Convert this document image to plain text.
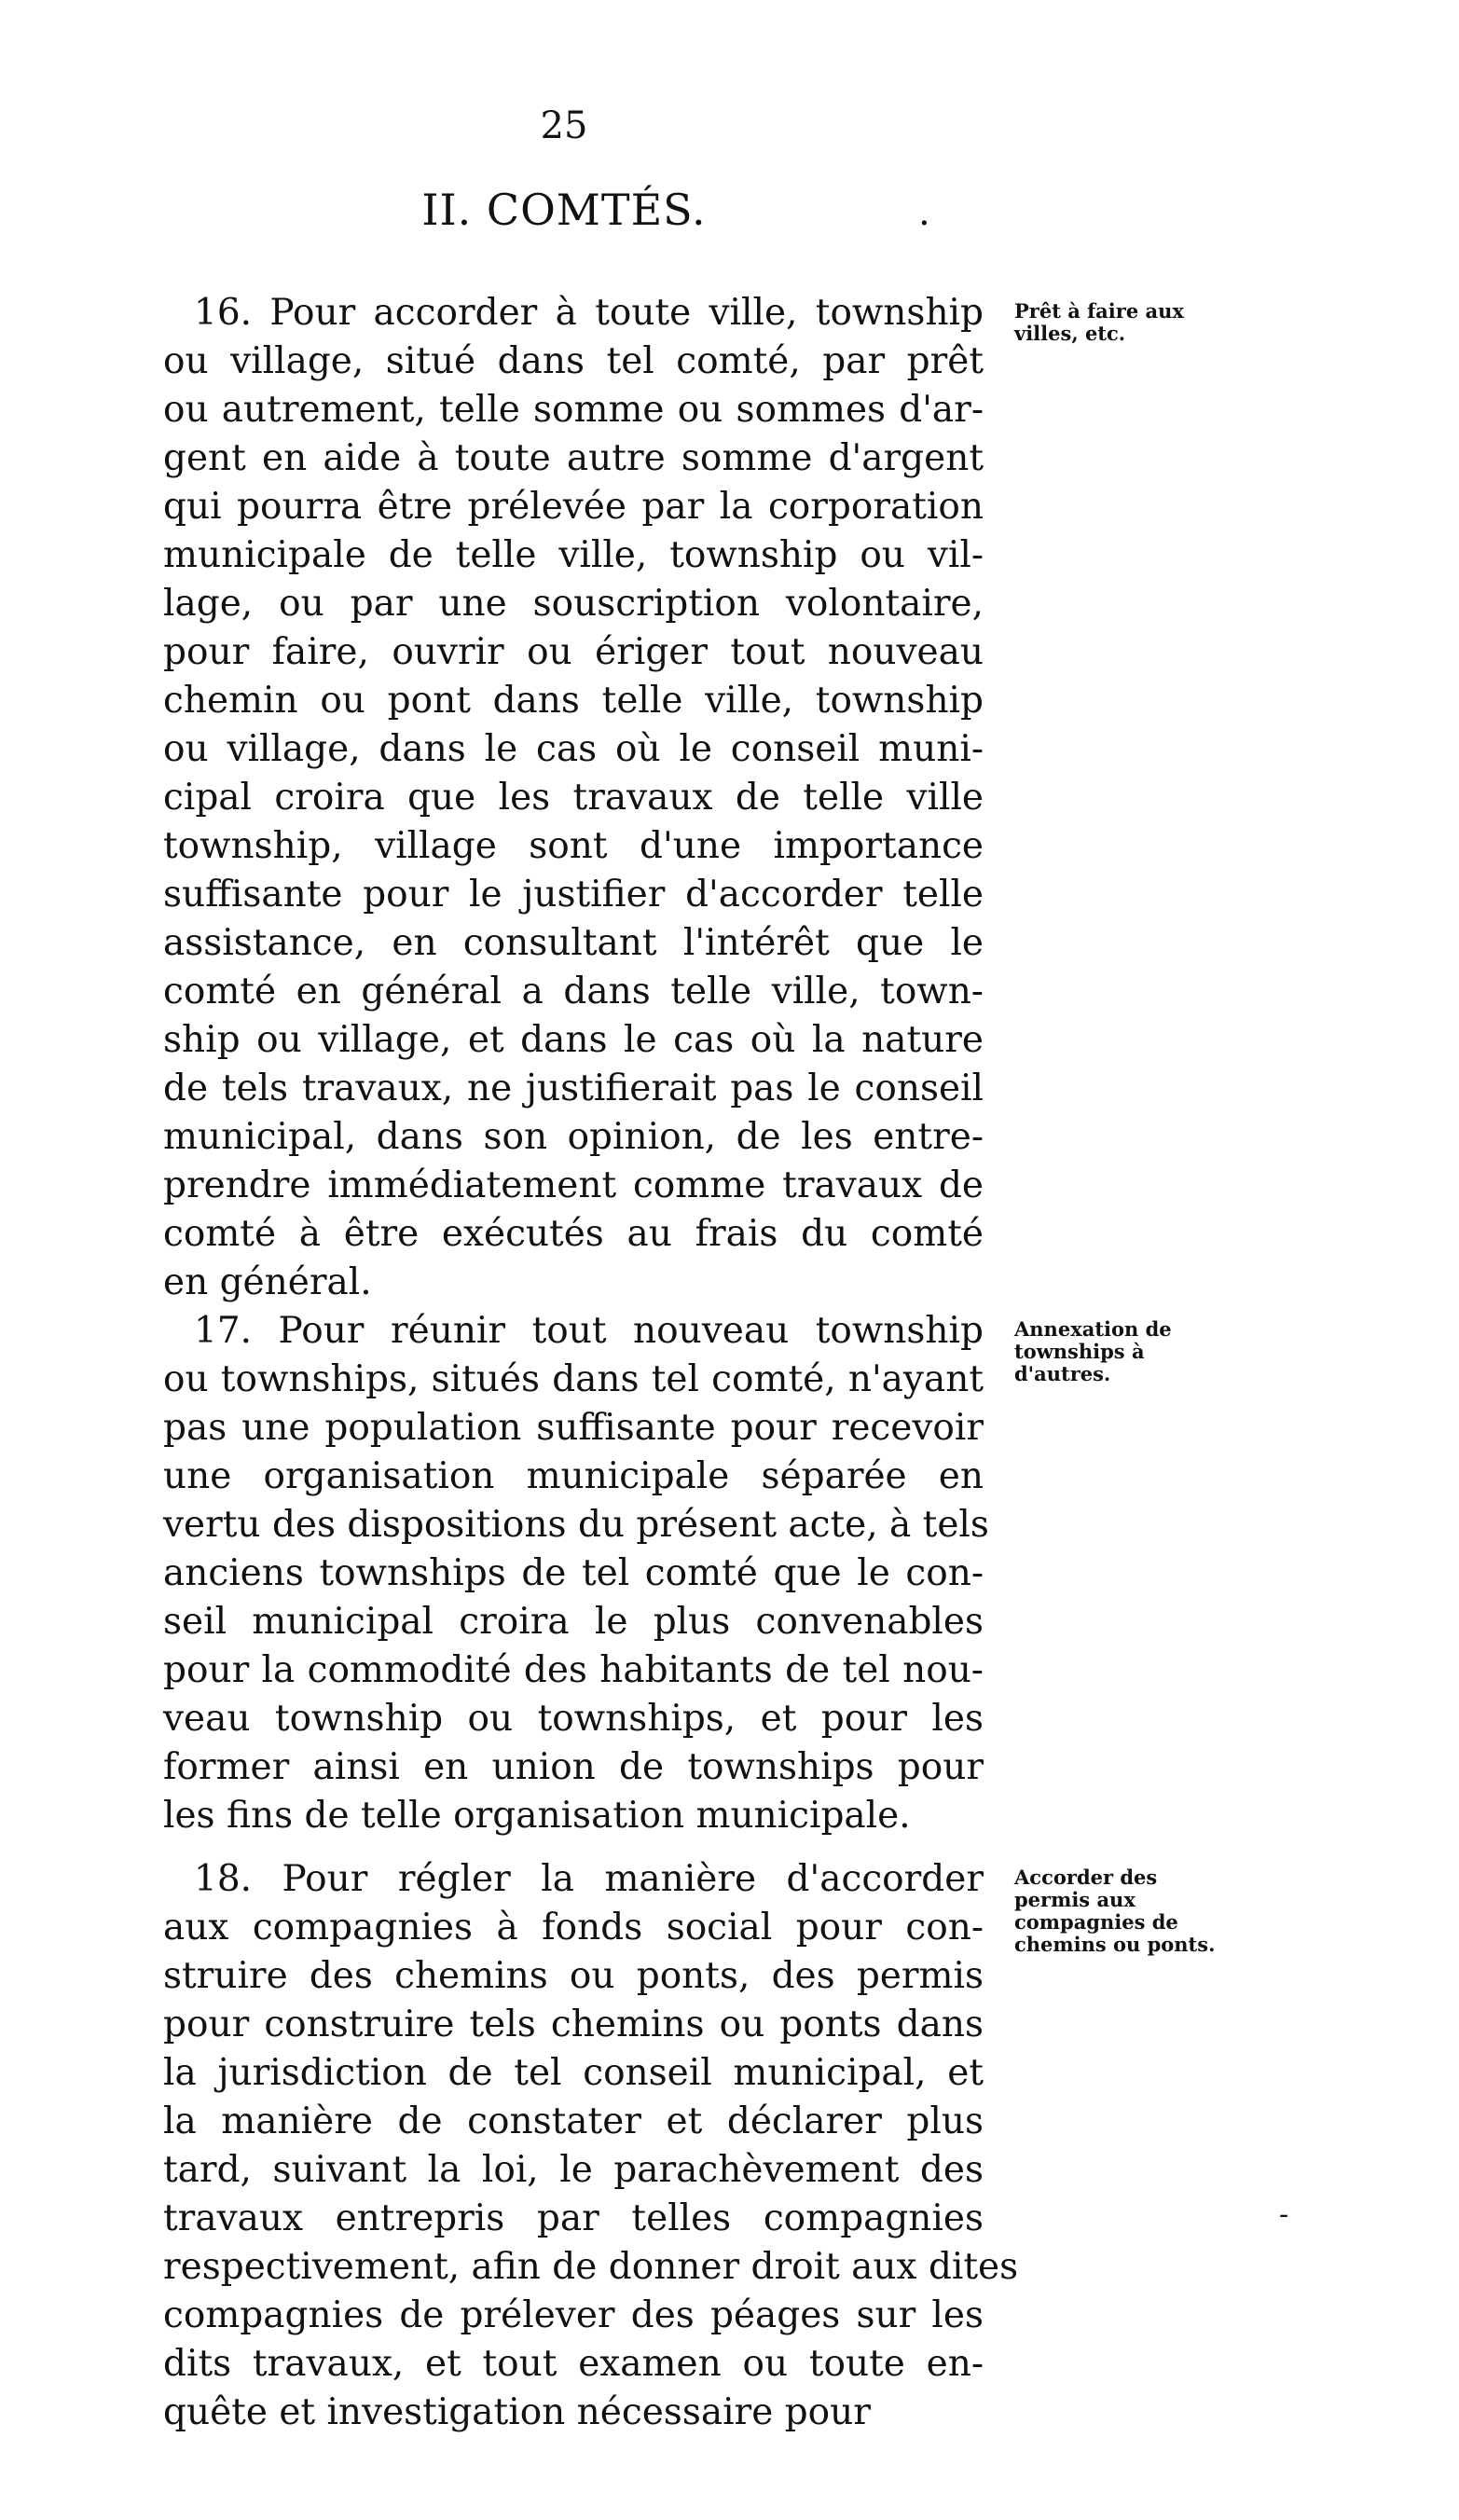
25
II. COMTÉS.	.
Prêt à faire aux villes, etc.
16. Pour accorder à toute ville, township
ou village, situé dans tel comté, par prêt
ou autrement, telle somme ou sommes d'ar-
gent en aide à toute autre somme d'argent
qui pourra être prélevée par la corporation
municipale de telle ville, township ou vil-
lage, ou par une souscription volontaire,
pour faire, ouvrir ou ériger tout nouveau
chemin ou pont dans telle ville, township
ou village, dans le cas où le conseil muni-
cipal croira que les travaux de telle ville
township, village sont d'une importance
suffisante pour le justifier d'accorder telle
assistance, en consultant l'intérêt que le
comté en général a dans telle ville, town-
ship ou village, et dans le cas où la nature
de tels travaux, ne justifierait pas le conseil
municipal, dans son opinion, de les entre-
prendre immédiatement comme travaux de
comté à être exécutés au frais du comté
en général.
Annexation de townships à d'autres.
17. Pour réunir tout nouveau township
ou townships, situés dans tel comté, n'ayant
pas une population suffisante pour recevoir
une organisation municipale séparée en
vertu des dispositions du présent acte, à tels
anciens townships de tel comté que le con-
seil municipal croira le plus convenables
pour la commodité des habitants de tel nou-
veau township ou townships, et pour les
former ainsi en union de townships pour
les fins de telle organisation municipale.
Accorder des permis aux compagnies de chemins ou ponts.
18. Pour régler la manière d'accorder
aux compagnies à fonds social pour con-
struire des chemins ou ponts, des permis
pour construire tels chemins ou ponts dans
la jurisdiction de tel conseil municipal, et
la manière de constater et déclarer plus
tard, suivant la loi, le parachèvement des
travaux entrepris par telles compagnies
respectivement, afin de donner droit aux dites
compagnies de prélever des péages sur les
dits travaux, et tout examen ou toute en-
quête et investigation nécessaire pour
-
